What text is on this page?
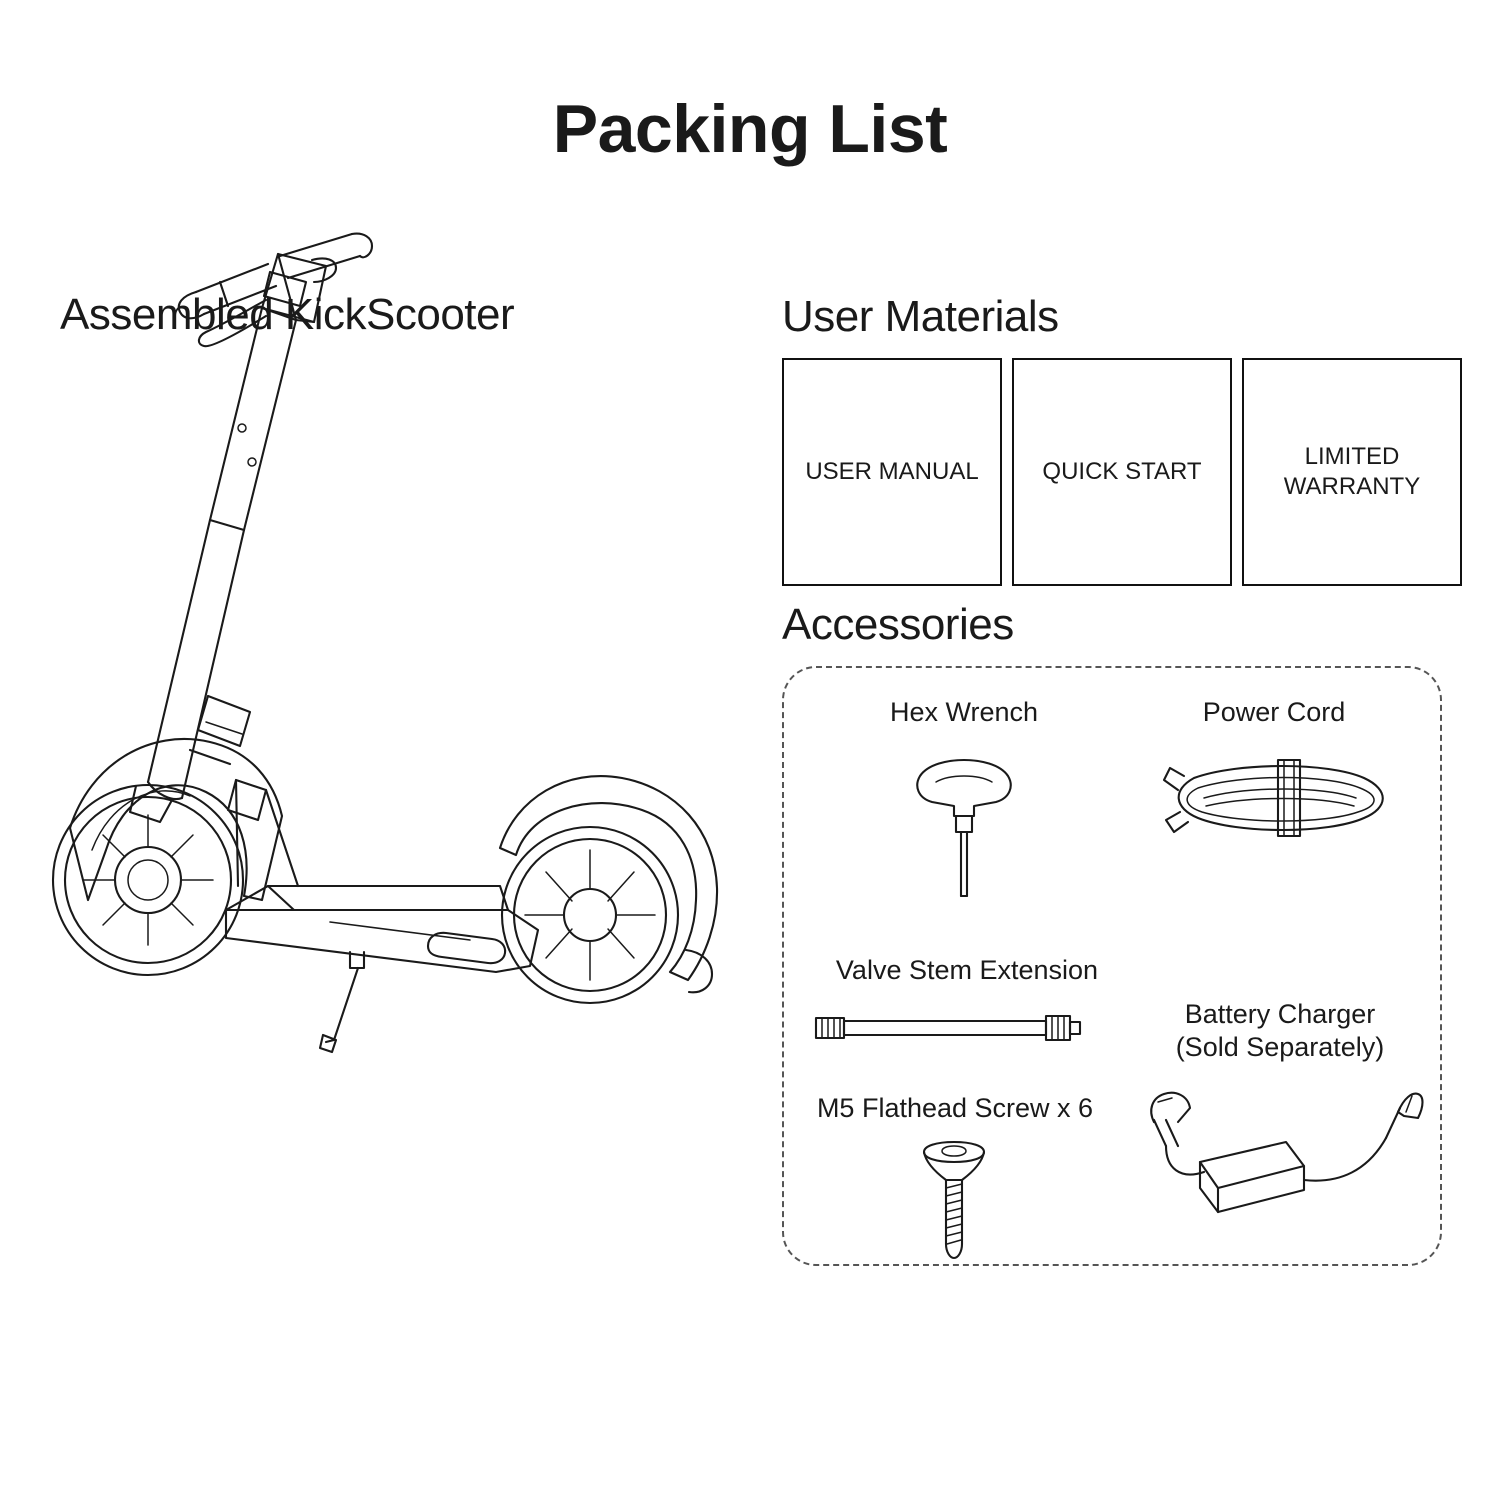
Packing List
Assembled KickScooter	User Materials
USER MANUAL	QUICK START
LIMITED WARRANTY
Accessories
Hex Wrench	Power Cord
Valve Stem Extension
Battery Charger
(Sold Separately)
M5 Flathead Screw x 6
